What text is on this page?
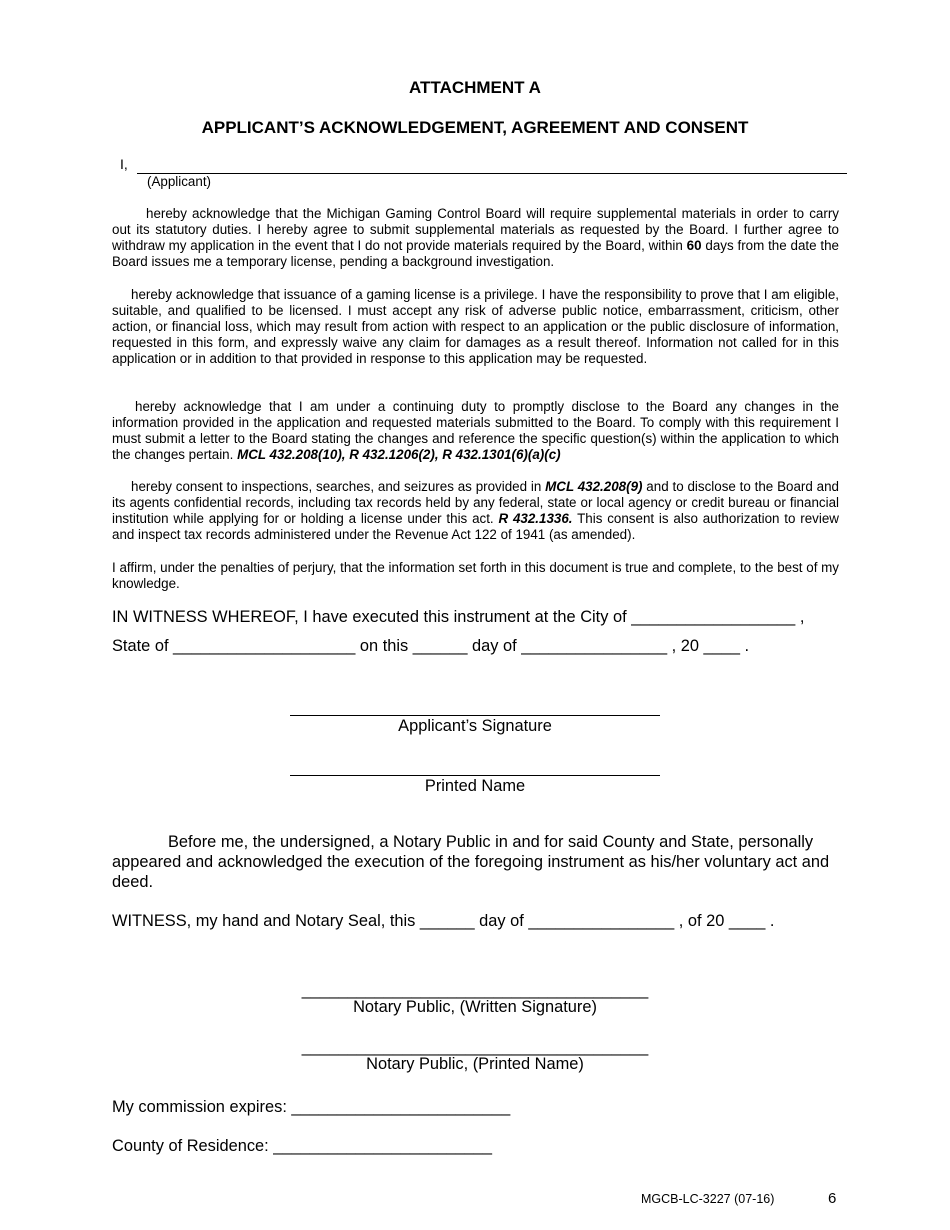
ATTACHMENT A
APPLICANT’S ACKNOWLEDGEMENT, AGREEMENT AND CONSENT
I,
(Applicant)
hereby acknowledge that the Michigan Gaming Control Board will require supplemental materials in order to carry out its statutory duties. I hereby agree to submit supplemental materials as requested by the Board. I further agree to withdraw my application in the event that I do not provide materials required by the Board, within 60 days from the date the Board issues me a temporary license, pending a background investigation.
hereby acknowledge that issuance of a gaming license is a privilege. I have the responsibility to prove that I am eligible, suitable, and qualified to be licensed. I must accept any risk of adverse public notice, embarrassment, criticism, other action, or financial loss, which may result from action with respect to an application or the public disclosure of information, requested in this form, and expressly waive any claim for damages as a result thereof. Information not called for in this application or in addition to that provided in response to this application may be requested.
hereby acknowledge that I am under a continuing duty to promptly disclose to the Board any changes in the information provided in the application and requested materials submitted to the Board. To comply with this requirement I must submit a letter to the Board stating the changes and reference the specific question(s) within the application to which the changes pertain. MCL 432.208(10), R 432.1206(2), R 432.1301(6)(a)(c)
hereby consent to inspections, searches, and seizures as provided in MCL 432.208(9) and to disclose to the Board and its agents confidential records, including tax records held by any federal, state or local agency or credit bureau or financial institution while applying for or holding a license under this act. R 432.1336. This consent is also authorization to review and inspect tax records administered under the Revenue Act 122 of 1941 (as amended).
I affirm, under the penalties of perjury, that the information set forth in this document is true and complete, to the best of my knowledge.
IN WITNESS WHEREOF, I have executed this instrument at the City of __________________ ,
State of ____________________ on this ______ day of ________________ , 20 ____ .
Applicant’s Signature
Printed Name
Before me, the undersigned, a Notary Public in and for said County and State, personally appeared and acknowledged the execution of the foregoing instrument as his/her voluntary act and deed.
WITNESS, my hand and Notary Seal, this ______ day of ________________ , of 20 ____ .
______________________________________
Notary Public, (Written Signature)
______________________________________
Notary Public, (Printed Name)
My commission expires: ________________________
County of Residence: ________________________
MGCB-LC-3227 (07-16)	6
